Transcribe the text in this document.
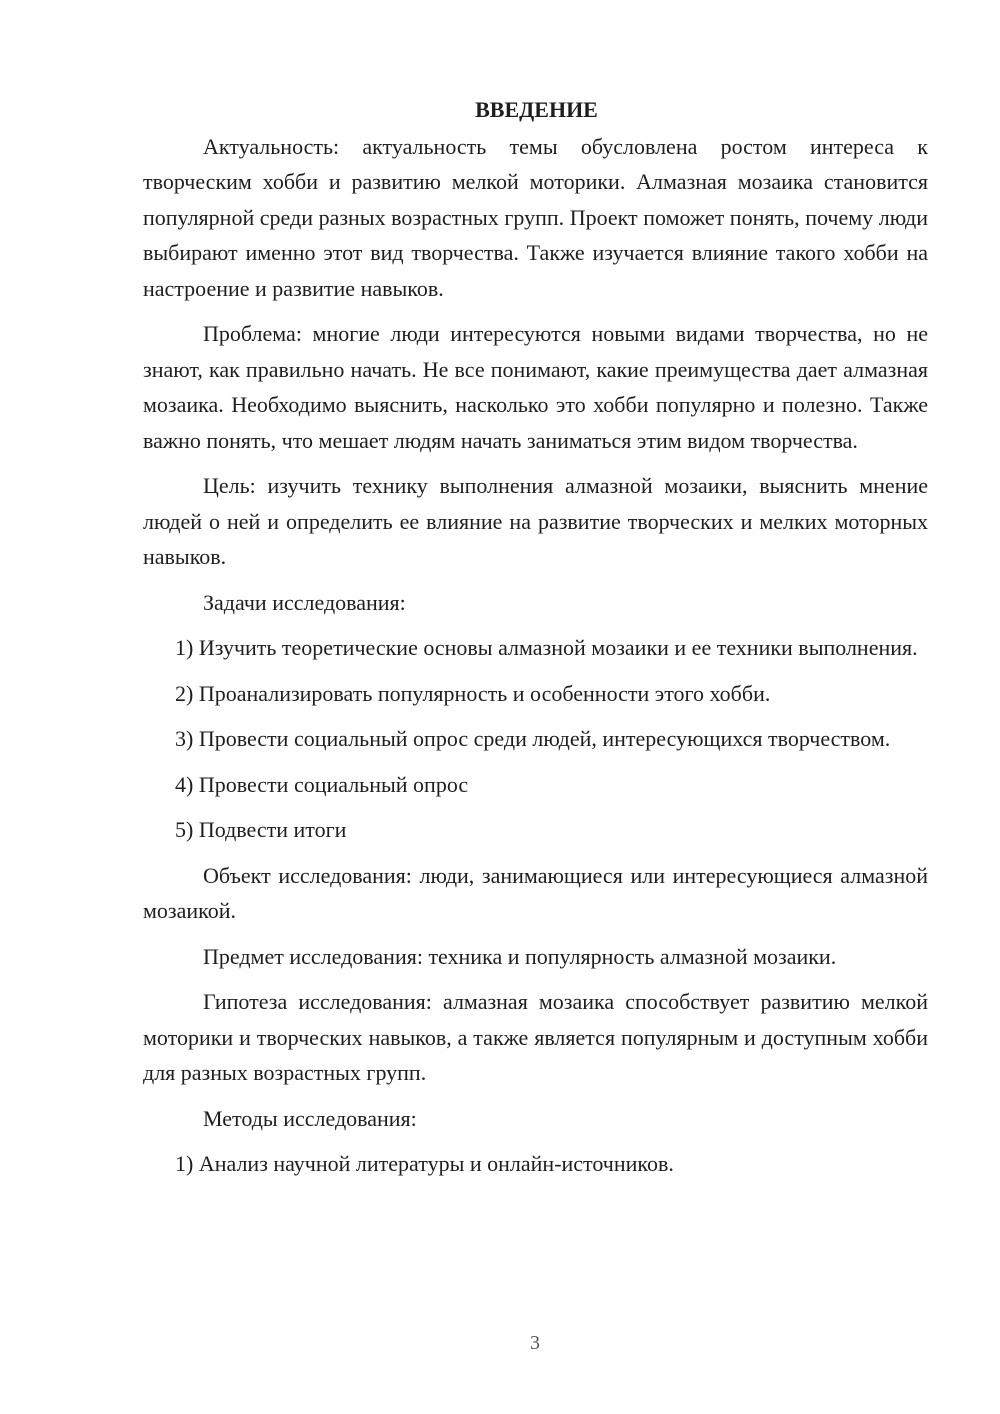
ВВЕДЕНИЕ

Актуальность: актуальность темы обусловлена ростом интереса к творческим хобби и развитию мелкой моторики. Алмазная мозаика становится популярной среди разных возрастных групп. Проект поможет понять, почему люди выбирают именно этот вид творчества. Также изучается влияние такого хобби на настроение и развитие навыков.

Проблема: многие люди интересуются новыми видами творчества, но не знают, как правильно начать. Не все понимают, какие преимущества дает алмазная мозаика. Необходимо выяснить, насколько это хобби популярно и полезно. Также важно понять, что мешает людям начать заниматься этим видом творчества.

Цель: изучить технику выполнения алмазной мозаики, выяснить мнение людей о ней и определить ее влияние на развитие творческих и мелких моторных навыков.

Задачи исследования:

1) Изучить теоретические основы алмазной мозаики и ее техники выполнения.

2) Проанализировать популярность и особенности этого хобби.

3) Провести социальный опрос среди людей, интересующихся творчеством.

4) Провести социальный опрос

5) Подвести итоги

Объект исследования: люди, занимающиеся или интересующиеся алмазной мозаикой.

Предмет исследования: техника и популярность алмазной мозаики.

Гипотеза исследования: алмазная мозаика способствует развитию мелкой моторики и творческих навыков, а также является популярным и доступным хобби для разных возрастных групп.

Методы исследования:

1) Анализ научной литературы и онлайн-источников.

3
